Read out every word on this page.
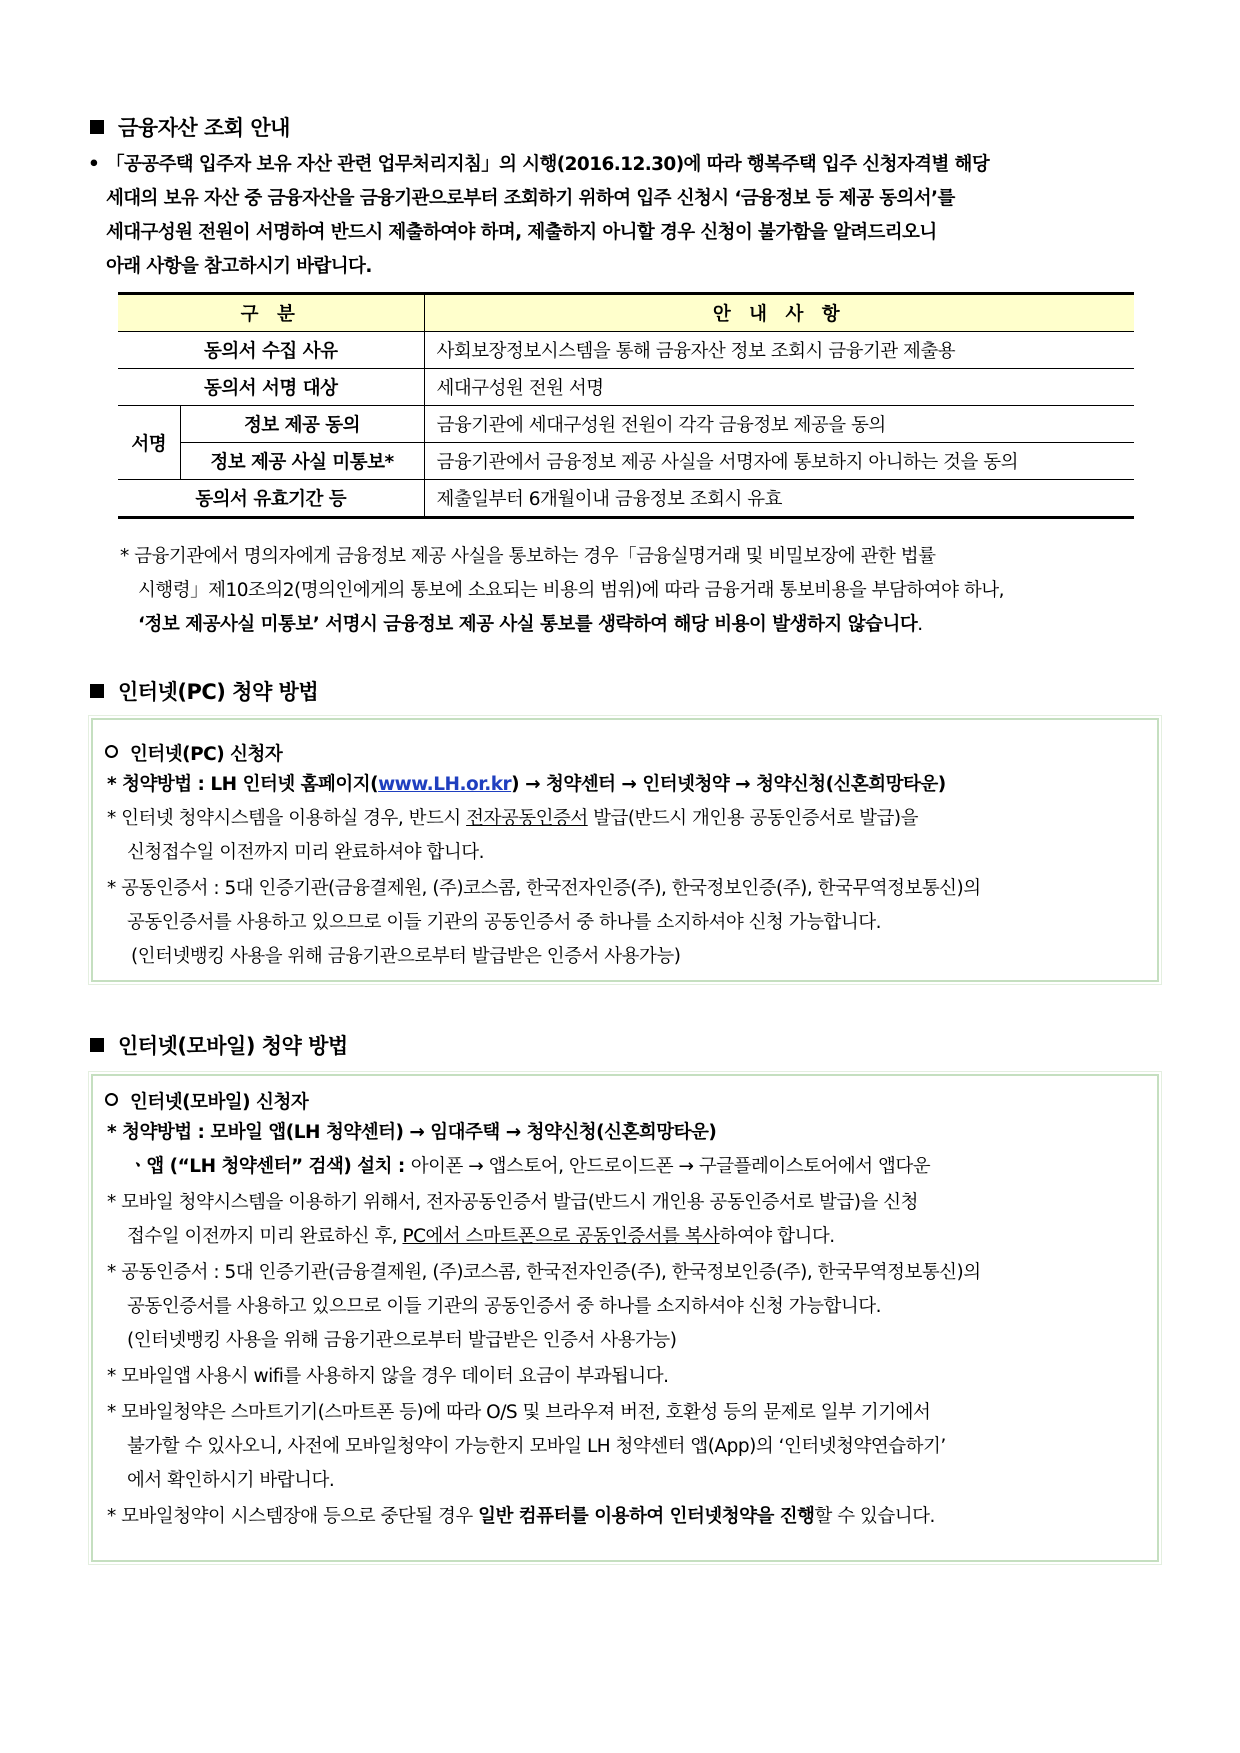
금융자산 조회 안내
• 「공공주택 입주자 보유 자산 관련 업무처리지침」의 시행(2016.12.30)에 따라 행복주택 입주 신청자격별 해당
세대의 보유 자산 중 금융자산을 금융기관으로부터 조회하기 위하여 입주 신청시 ‘금융정보 등 제공 동의서’를
세대구성원 전원이 서명하여 반드시 제출하여야 하며, 제출하지 아니할 경우 신청이 불가함을 알려드리오니
아래 사항을 참고하시기 바랍니다.
구 분		안 내 사 항
동의서 수집 사유		사회보장정보시스템을 통해 금융자산 정보 조회시 금융기관 제출용
동의서 서명 대상		세대구성원 전원 서명
서명	정보 제공 동의	금융기관에 세대구성원 전원이 각각 금융정보 제공을 동의
	정보 제공 사실 미통보*	금융기관에서 금융정보 제공 사실을 서명자에 통보하지 아니하는 것을 동의
동의서 유효기간 등		제출일부터 6개월이내 금융정보 조회시 유효
* 금융기관에서 명의자에게 금융정보 제공 사실을 통보하는 경우「금융실명거래 및 비밀보장에 관한 법률
시행령」제10조의2(명의인에게의 통보에 소요되는 비용의 범위)에 따라 금융거래 통보비용을 부담하여야 하나,
‘정보 제공사실 미통보’ 서명시 금융정보 제공 사실 통보를 생략하여 해당 비용이 발생하지 않습니다.
인터넷(PC) 청약 방법
인터넷(PC) 신청자
* 청약방법 : LH 인터넷 홈페이지(www.LH.or.kr) → 청약센터 → 인터넷청약 → 청약신청(신혼희망타운)
* 인터넷 청약시스템을 이용하실 경우, 반드시 전자공동인증서 발급(반드시 개인용 공동인증서로 발급)을
신청접수일 이전까지 미리 완료하셔야 합니다.
* 공동인증서 : 5대 인증기관(금융결제원, (주)코스콤, 한국전자인증(주), 한국정보인증(주), 한국무역정보통신)의
공동인증서를 사용하고 있으므로 이들 기관의 공동인증서 중 하나를 소지하셔야 신청 가능합니다.
(인터넷뱅킹 사용을 위해 금융기관으로부터 발급받은 인증서 사용가능)
인터넷(모바일) 청약 방법
인터넷(모바일) 신청자
* 청약방법 : 모바일 앱(LH 청약센터) → 임대주택 → 청약신청(신혼희망타운)
ㆍ앱 (“LH 청약센터” 검색) 설치 : 아이폰 → 앱스토어, 안드로이드폰 → 구글플레이스토어에서 앱다운
* 모바일 청약시스템을 이용하기 위해서, 전자공동인증서 발급(반드시 개인용 공동인증서로 발급)을 신청
접수일 이전까지 미리 완료하신 후, PC에서 스마트폰으로 공동인증서를 복사하여야 합니다.
* 공동인증서 : 5대 인증기관(금융결제원, (주)코스콤, 한국전자인증(주), 한국정보인증(주), 한국무역정보통신)의
공동인증서를 사용하고 있으므로 이들 기관의 공동인증서 중 하나를 소지하셔야 신청 가능합니다.
(인터넷뱅킹 사용을 위해 금융기관으로부터 발급받은 인증서 사용가능)
* 모바일앱 사용시 wifi를 사용하지 않을 경우 데이터 요금이 부과됩니다.
* 모바일청약은 스마트기기(스마트폰 등)에 따라 O/S 및 브라우져 버전, 호환성 등의 문제로 일부 기기에서
불가할 수 있사오니, 사전에 모바일청약이 가능한지 모바일 LH 청약센터 앱(App)의 ‘인터넷청약연습하기’
에서 확인하시기 바랍니다.
* 모바일청약이 시스템장애 등으로 중단될 경우 일반 컴퓨터를 이용하여 인터넷청약을 진행할 수 있습니다.
